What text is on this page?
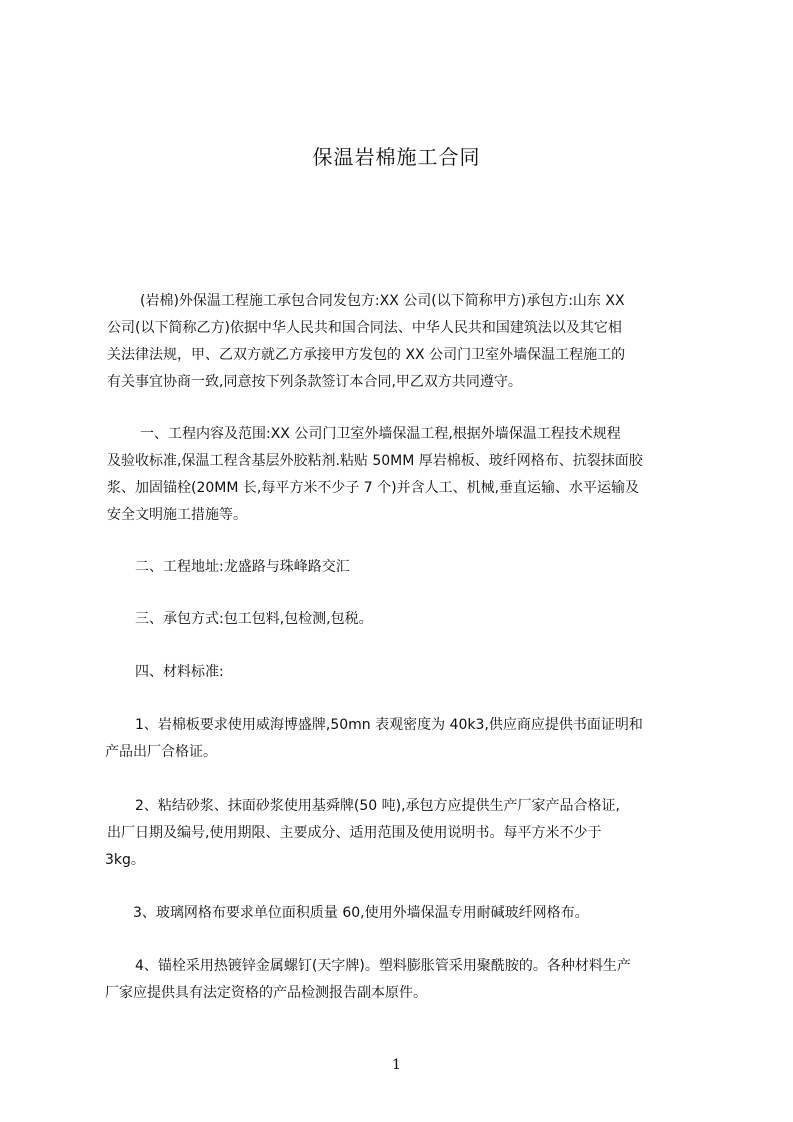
保温岩棉施工合同
(岩棉)外保温工程施工承包合同发包方:XX 公司(以下简称甲方)承包方:山东 XX
公司(以下简称乙方)依据中华人民共和国合同法、中华人民共和国建筑法以及其它相
关法律法规，甲、乙双方就乙方承接甲方发包的 XX 公司门卫室外墙保温工程施工的
有关事宜协商一致,同意按下列条款签订本合同,甲乙双方共同遵守。
一、工程内容及范围:XX 公司门卫室外墙保温工程,根据外墙保温工程技术规程
及验收标准,保温工程含基层外胶粘剂.粘贴 50MM 厚岩棉板、玻纤网格布、抗裂抹面胶
浆、加固锚栓(20MM 长,每平方米不少子 7 个)并含人工、机械,垂直运输、水平运输及
安全文明施工措施等。
二、工程地址:龙盛路与珠峰路交汇
三、承包方式:包工包料,包检测,包税。
四、材料标准:
1、岩棉板要求使用威海博盛牌,50mn 表观密度为 40k3,供应商应提供书面证明和
产品出厂合格证。
2、粘结砂浆、抹面砂浆使用基舜牌(50 吨),承包方应提供生产厂家产品合格证,
出厂日期及编号,使用期限、主要成分、适用范围及使用说明书。每平方米不少于
3kg。
3、玻璃网格布要求单位面积质量 60,使用外墙保温专用耐碱玻纤网格布。
4、锚栓采用热镀锌金属螺钉(天字牌)。塑料膨胀管采用聚酰胺的。各种材料生产
厂家应提供具有法定资格的产品检测报告副本原件。
1
